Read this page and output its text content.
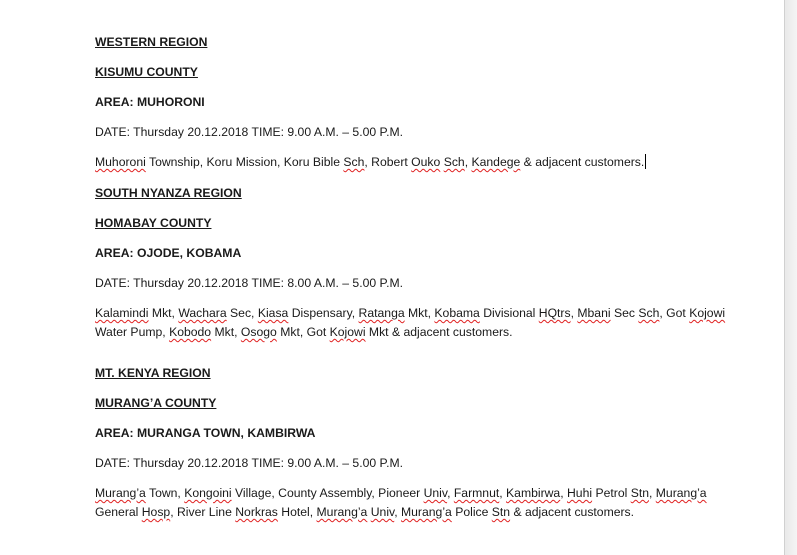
WESTERN REGION
KISUMU COUNTY
AREA: MUHORONI
DATE: Thursday 20.12.2018 TIME: 9.00 A.M. – 5.00 P.M.
Muhoroni Township, Koru Mission, Koru Bible Sch, Robert Ouko Sch, Kandege & adjacent customers.
SOUTH NYANZA REGION
HOMABAY COUNTY
AREA: OJODE, KOBAMA
DATE: Thursday 20.12.2018 TIME: 8.00 A.M. – 5.00 P.M.
Kalamindi Mkt, Wachara Sec, Kiasa Dispensary, Ratanga Mkt, Kobama Divisional HQtrs, Mbani Sec Sch, Got Kojowi Water Pump, Kobodo Mkt, Osogo Mkt, Got Kojowi Mkt & adjacent customers.
MT. KENYA REGION
MURANG’A COUNTY
AREA: MURANGA TOWN, KAMBIRWA
DATE: Thursday 20.12.2018 TIME: 9.00 A.M. – 5.00 P.M.
Murang’a Town, Kongoini Village, County Assembly, Pioneer Univ, Farmnut, Kambirwa, Huhi Petrol Stn, Murang’a General Hosp, River Line Norkras Hotel, Murang’a Univ, Murang’a Police Stn & adjacent customers.
